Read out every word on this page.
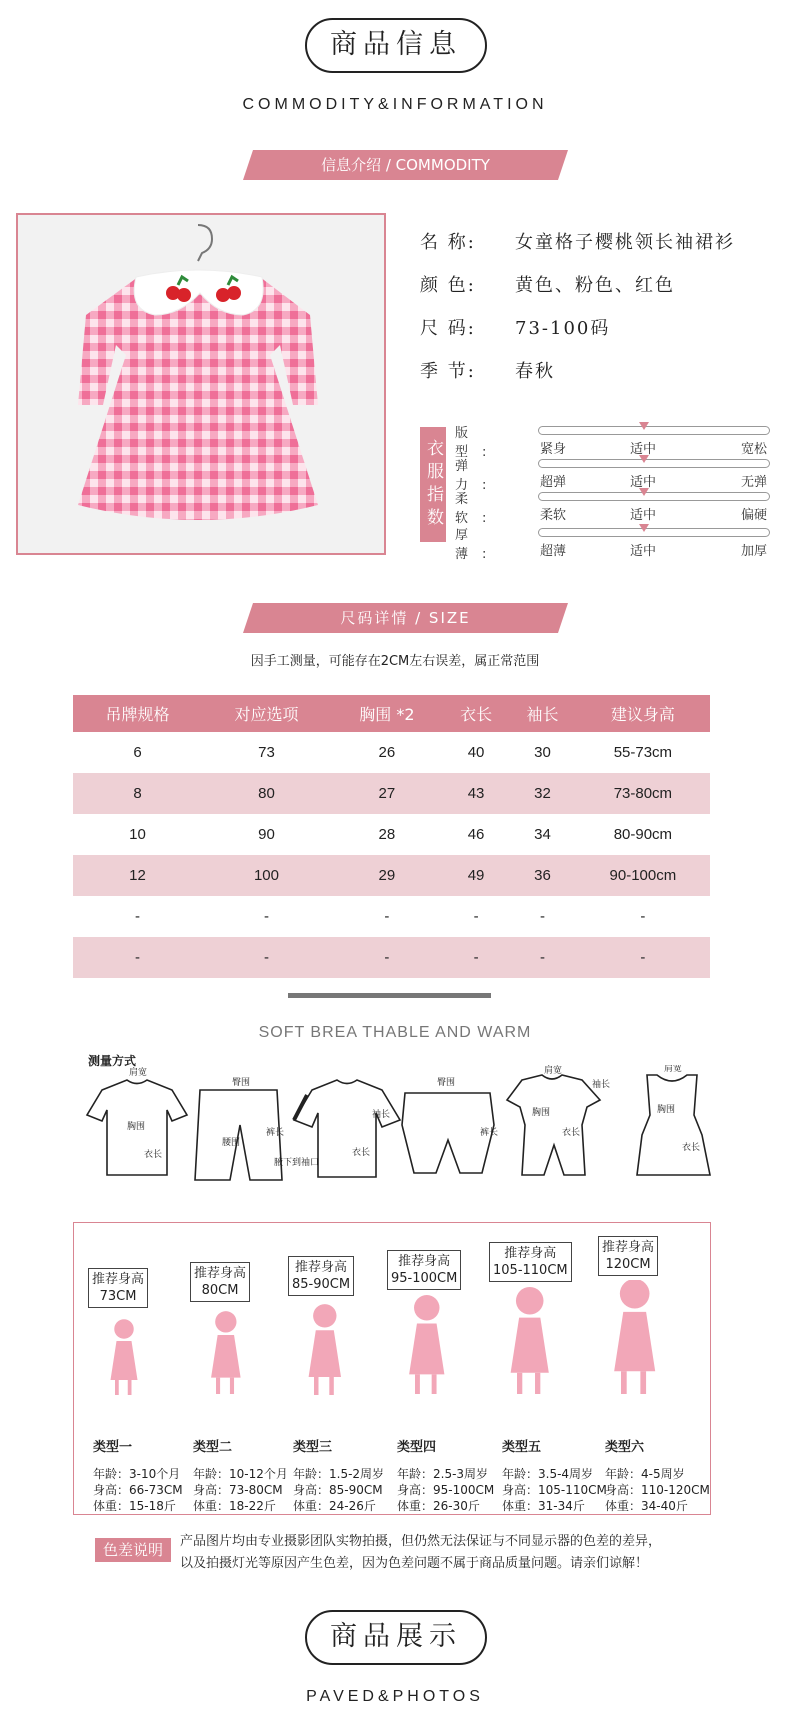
商品信息
COMMODITY&INFORMATION
信息介绍 / COMMODITY
名 称: 女童格子樱桃领长袖裙衫
颜 色: 黄色、粉色、红色
尺 码: 73-100码
季 节: 春秋
衣服指数
版型:	紧身	适中	宽松
弹力:	超弹	适中	无弹
柔软:	柔软	适中	偏硬
厚薄:	超薄	适中	加厚
尺码详情 / SIZE
因手工测量，可能存在2CM左右误差，属正常范围
吊牌规格	对应选项	胸围 *2	衣长	袖长	建议身高
6	73	26	40	30	55-73cm
8	80	27	43	32	73-80cm
10	90	28	46	34	80-90cm
12	100	29	49	36	90-100cm
-	-	-	-	-	-
-	-	-	-	-	-
SOFT BREA THABLE AND WARM
测量方式
肩宽
胸围
衣长
臀围
腰围
裤长
袖长
腋下到袖口
衣长
臀围
裤长
肩宽
胸围
衣长
袖长
肩宽
胸围
衣长
推荐身高
73CM
推荐身高
80CM
推荐身高
85-90CM
推荐身高
95-100CM
推荐身高
105-110CM
推荐身高
120CM
类型一
年龄：3-10个月
身高：66-73CM
体重：15-18斤
类型二
年龄：10-12个月
身高：73-80CM
体重：18-22斤
类型三
年龄：1.5-2周岁
身高：85-90CM
体重：24-26斤
类型四
年龄：2.5-3周岁
身高：95-100CM
体重：26-30斤
类型五
年龄：3.5-4周岁
身高：105-110CM
体重：31-34斤
类型六
年龄：4-5周岁
身高：110-120CM
体重：34-40斤
色差说明	产品图片均由专业摄影团队实物拍摄，但仍然无法保证与不同显示器的色差的差异，
以及拍摄灯光等原因产生色差，因为色差问题不属于商品质量问题。请亲们谅解！
商品展示
PAVED&PHOTOS
